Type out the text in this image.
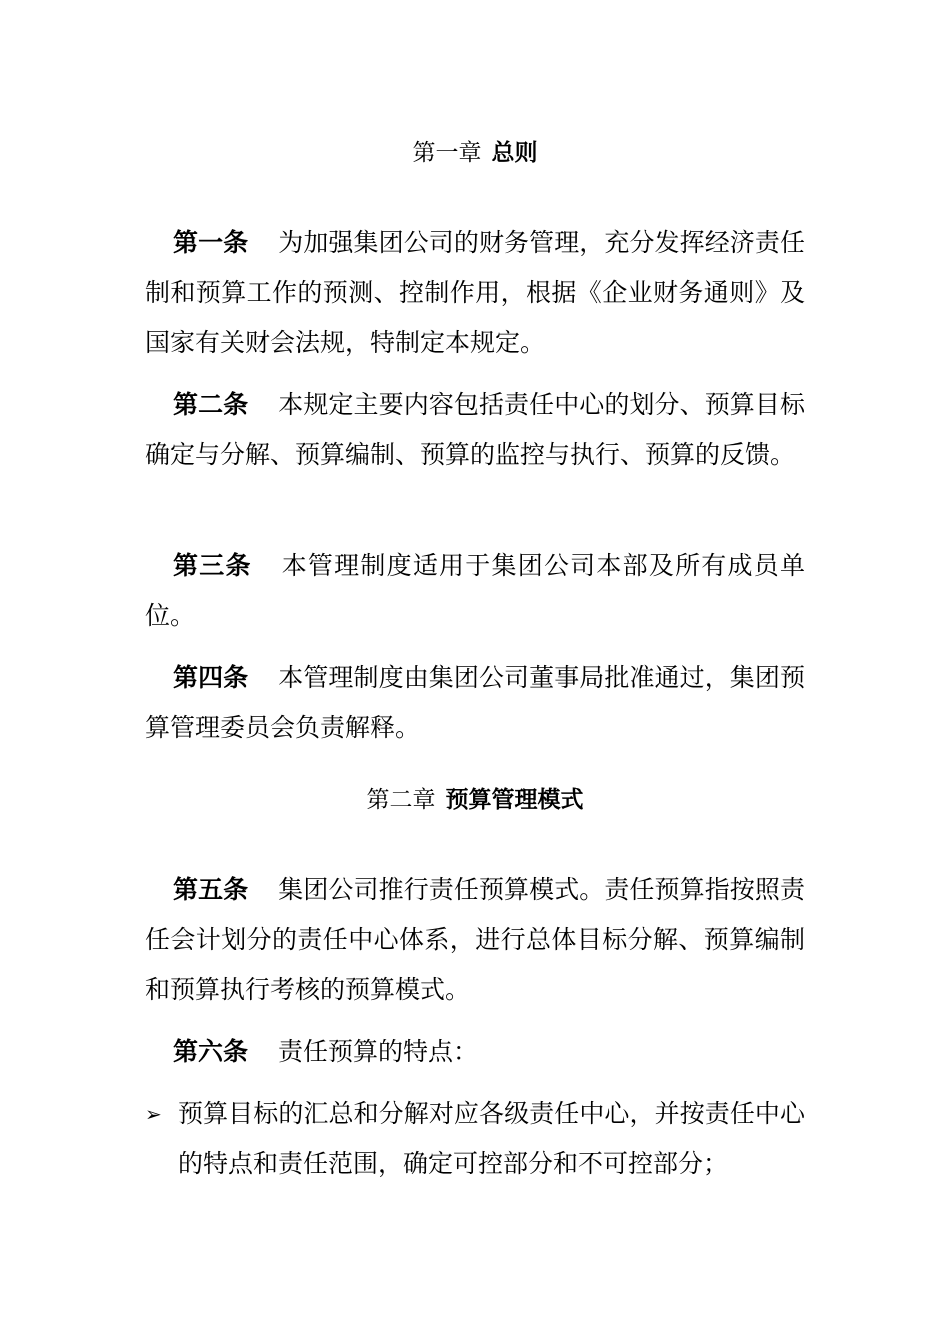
第一章 总则
第一条 为加强集团公司的财务管理，充分发挥经济责任制和预算工作的预测、控制作用，根据《企业财务通则》及国家有关财会法规，特制定本规定。
第二条 本规定主要内容包括责任中心的划分、预算目标确定与分解、预算编制、预算的监控与执行、预算的反馈。
第三条 本管理制度适用于集团公司本部及所有成员单位。
第四条 本管理制度由集团公司董事局批准通过，集团预算管理委员会负责解释。
第二章 预算管理模式
第五条 集团公司推行责任预算模式。责任预算指按照责任会计划分的责任中心体系，进行总体目标分解、预算编制和预算执行考核的预算模式。
第六条 责任预算的特点：
➢ 预算目标的汇总和分解对应各级责任中心，并按责任中心的特点和责任范围，确定可控部分和不可控部分；
